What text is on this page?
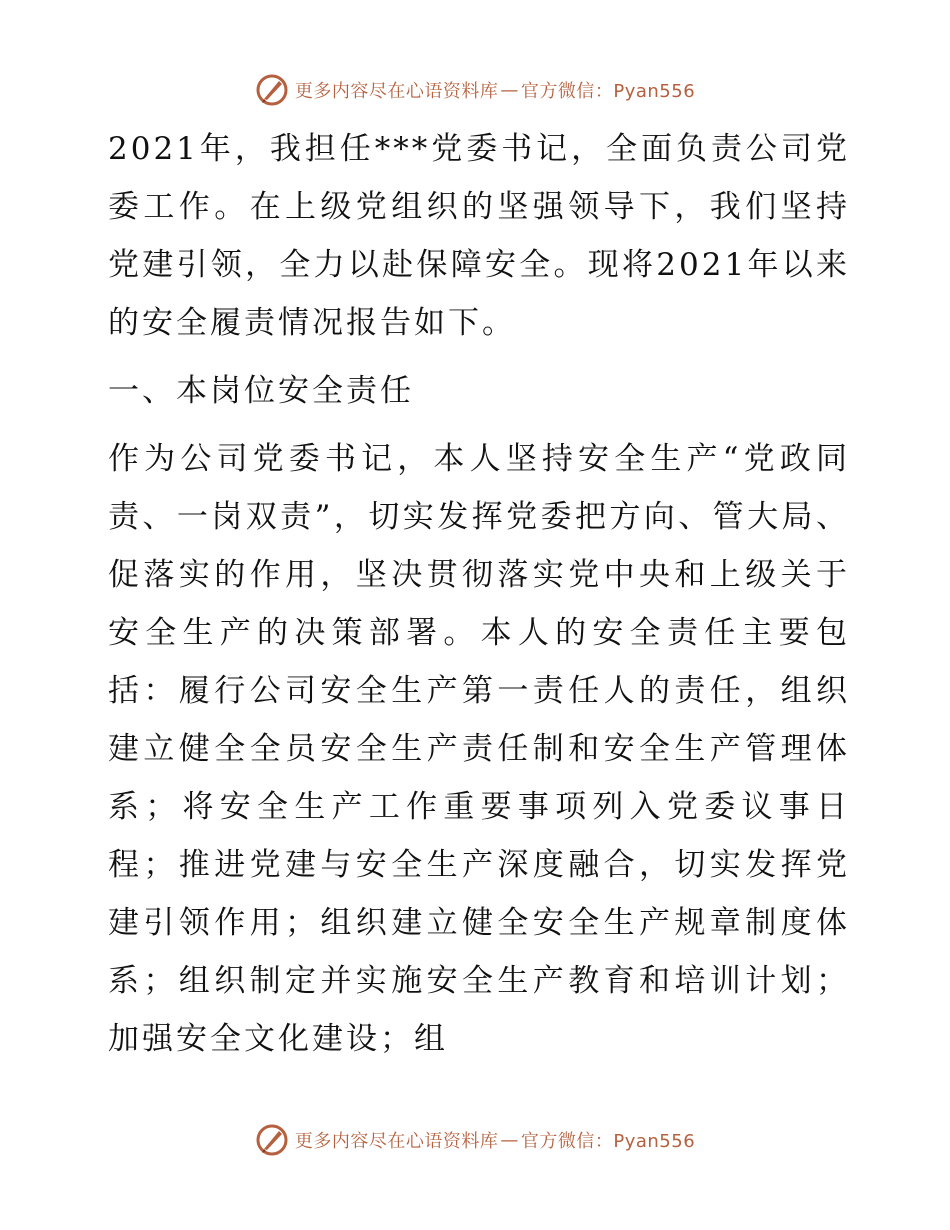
更多内容尽在心语资料库 — 官方微信：Pyan556

2021年，我担任***党委书记，全面负责公司党委工作。在上级党组织的坚强领导下，我们坚持党建引领，全力以赴保障安全。现将2021年以来的安全履责情况报告如下。

一、本岗位安全责任

作为公司党委书记，本人坚持安全生产“党政同责、一岗双责”，切实发挥党委把方向、管大局、促落实的作用，坚决贯彻落实党中央和上级关于安全生产的决策部署。本人的安全责任主要包括：履行公司安全生产第一责任人的责任，组织建立健全全员安全生产责任制和安全生产管理体系；将安全生产工作重要事项列入党委议事日程；推进党建与安全生产深度融合，切实发挥党建引领作用；组织建立健全安全生产规章制度体系；组织制定并实施安全生产教育和培训计划；加强安全文化建设；组

更多内容尽在心语资料库 — 官方微信：Pyan556
